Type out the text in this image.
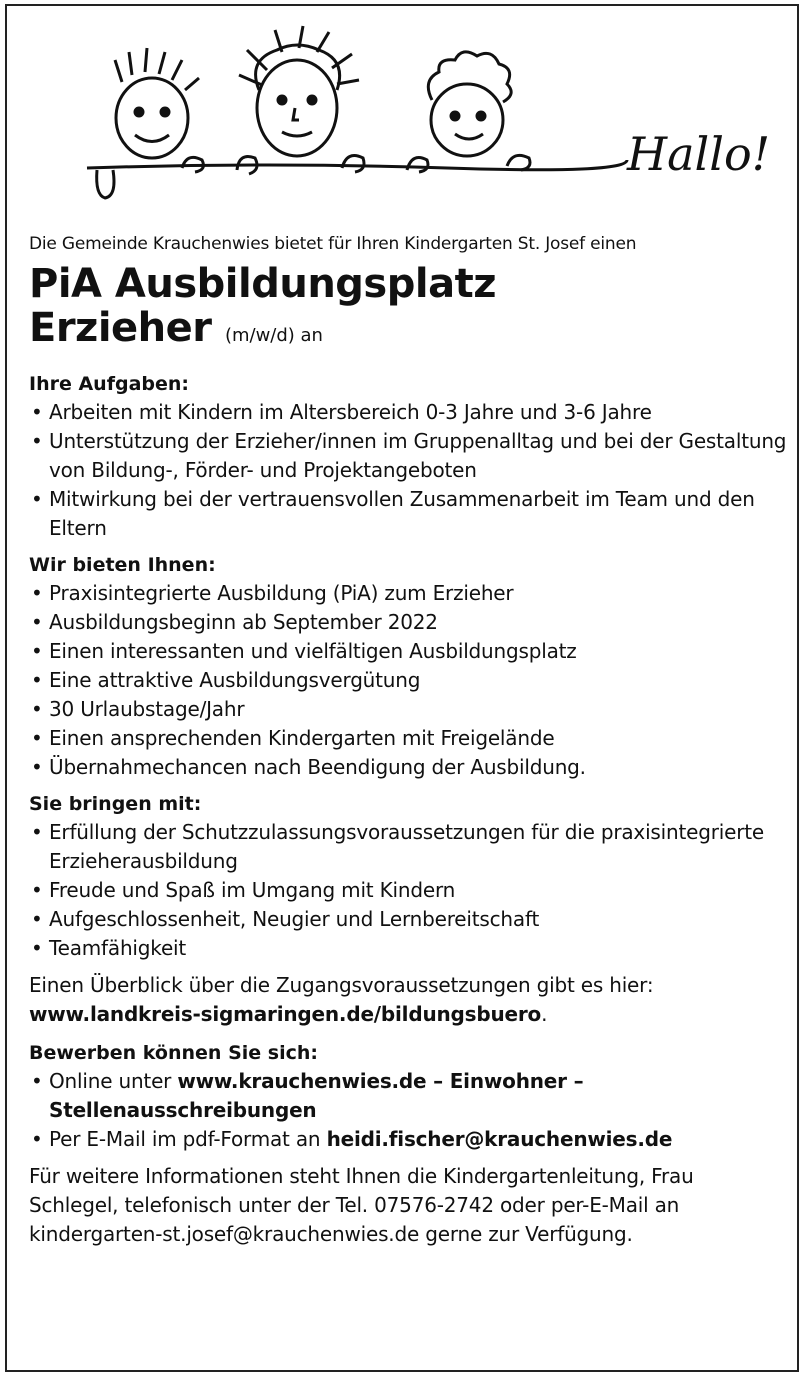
Hallo!

Die Gemeinde Krauchenwies bietet für Ihren Kindergarten St. Josef einen

PiA Ausbildungsplatz

Erzieher (m/w/d) an

Ihre Aufgaben:

• Arbeiten mit Kindern im Altersbereich 0-3 Jahre und 3-6 Jahre
• Unterstützung der Erzieher/innen im Gruppenalltag und bei der Gestaltung von Bildung-, Förder- und Projektangeboten
• Mitwirkung bei der vertrauensvollen Zusammenarbeit im Team und den Eltern

Wir bieten Ihnen:

• Praxisintegrierte Ausbildung (PiA) zum Erzieher
• Ausbildungsbeginn ab September 2022
• Einen interessanten und vielfältigen Ausbildungsplatz
• Eine attraktive Ausbildungsvergütung
• 30 Urlaubstage/Jahr
• Einen ansprechenden Kindergarten mit Freigelände
• Übernahmechancen nach Beendigung der Ausbildung.

Sie bringen mit:

• Erfüllung der Schutzzulassungsvoraussetzungen für die praxisintegrierte Erzieherausbildung
• Freude und Spaß im Umgang mit Kindern
• Aufgeschlossenheit, Neugier und Lernbereitschaft
• Teamfähigkeit

Einen Überblick über die Zugangsvoraussetzungen gibt es hier:
www.landkreis-sigmaringen.de/bildungsbuero.

Bewerben können Sie sich:

• Online unter www.krauchenwies.de – Einwohner – Stellenausschreibungen
• Per E-Mail im pdf-Format an heidi.fischer@krauchenwies.de

Für weitere Informationen steht Ihnen die Kindergartenleitung, Frau Schlegel, telefonisch unter der Tel. 07576-2742 oder per-E-Mail an kindergarten-st.josef@krauchenwies.de gerne zur Verfügung.
